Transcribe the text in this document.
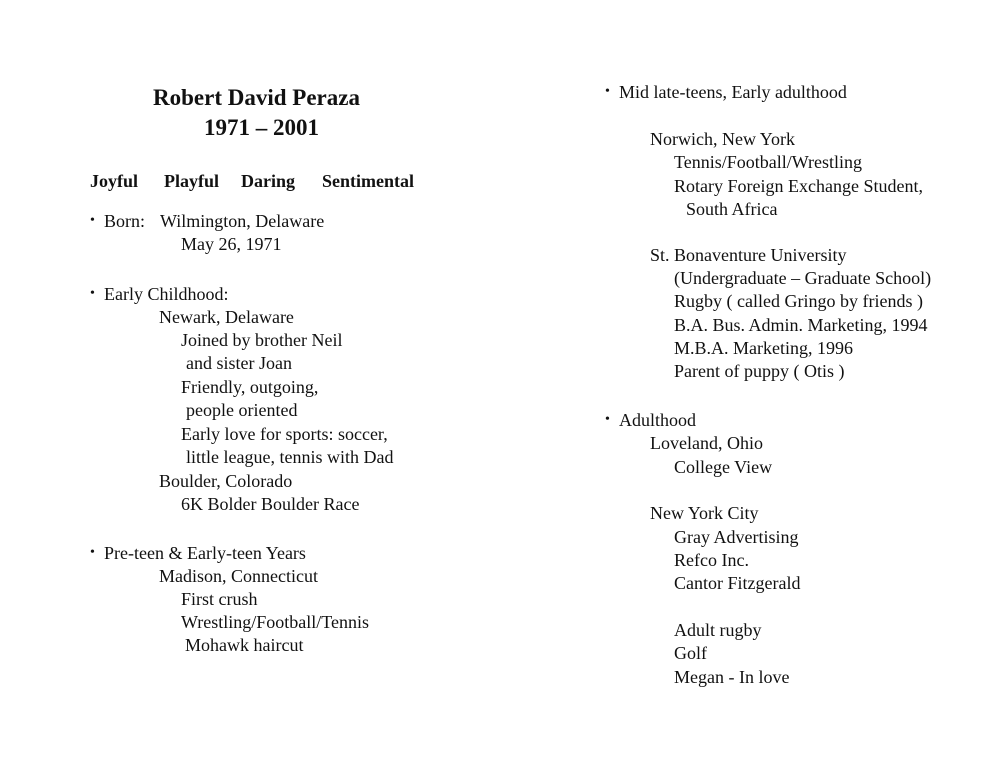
Robert David Peraza
1971 – 2001
Joyful Playful Daring Sentimental
• Born: Wilmington, Delaware
May 26, 1971
• Early Childhood:
Newark, Delaware
Joined by brother Neil
and sister Joan
Friendly, outgoing,
people oriented
Early love for sports: soccer,
little league, tennis with Dad
Boulder, Colorado
6K Bolder Boulder Race
• Pre-teen & Early-teen Years
Madison, Connecticut
First crush
Wrestling/Football/Tennis
Mohawk haircut
• Mid late-teens, Early adulthood
Norwich, New York
Tennis/Football/Wrestling
Rotary Foreign Exchange Student,
South Africa
St. Bonaventure University
(Undergraduate – Graduate School)
Rugby ( called Gringo by friends )
B.A. Bus. Admin. Marketing, 1994
M.B.A. Marketing, 1996
Parent of puppy ( Otis )
• Adulthood
Loveland, Ohio
College View
New York City
Gray Advertising
Refco Inc.
Cantor Fitzgerald
Adult rugby
Golf
Megan - In love
